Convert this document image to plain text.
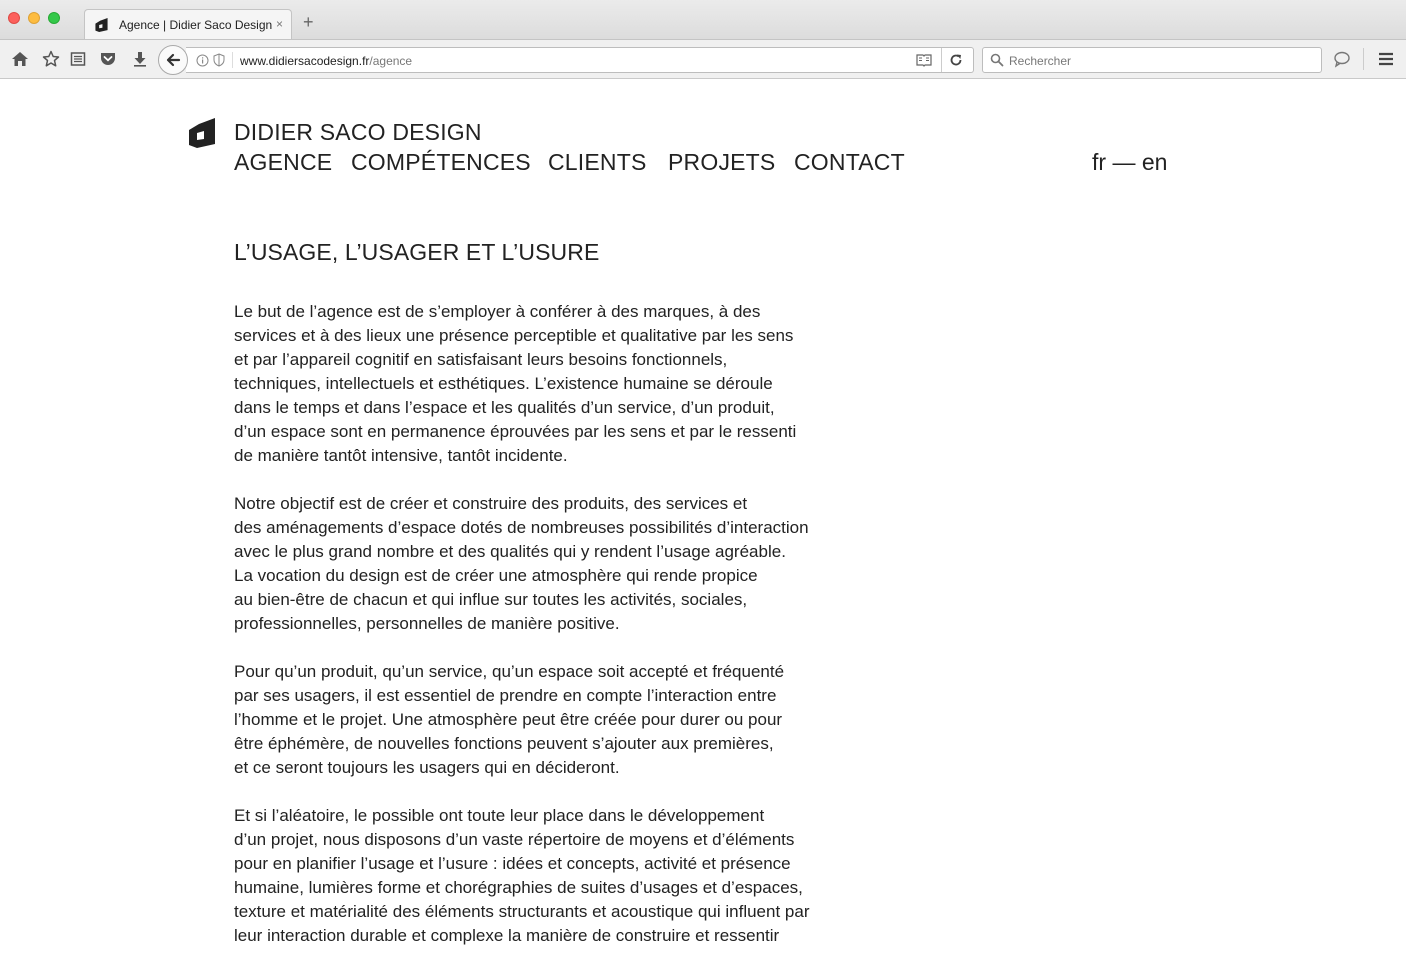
Agence | Didier Saco Design × +
www.didiersacodesign.fr/agence	Rechercher
DIDIER SACO DESIGN
AGENCE COMPÉTENCES CLIENTS PROJETS CONTACT	fr — en
L’USAGE, L’USAGER ET L’USURE

Le but de l’agence est de s’employer à conférer à des marques, à des
services et à des lieux une présence perceptible et qualitative par les sens
et par l’appareil cognitif en satisfaisant leurs besoins fonctionnels,
techniques, intellectuels et esthétiques. L’existence humaine se déroule
dans le temps et dans l’espace et les qualités d’un service, d’un produit,
d’un espace sont en permanence éprouvées par les sens et par le ressenti
de manière tantôt intensive, tantôt incidente.

Notre objectif est de créer et construire des produits, des services et
des aménagements d’espace dotés de nombreuses possibilités d’interaction
avec le plus grand nombre et des qualités qui y rendent l’usage agréable.
La vocation du design est de créer une atmosphère qui rende propice
au bien-être de chacun et qui influe sur toutes les activités, sociales,
professionnelles, personnelles de manière positive.

Pour qu’un produit, qu’un service, qu’un espace soit accepté et fréquenté
par ses usagers, il est essentiel de prendre en compte l’interaction entre
l’homme et le projet. Une atmosphère peut être créée pour durer ou pour
être éphémère, de nouvelles fonctions peuvent s’ajouter aux premières,
et ce seront toujours les usagers qui en décideront.

Et si l’aléatoire, le possible ont toute leur place dans le développement
d’un projet, nous disposons d’un vaste répertoire de moyens et d’éléments
pour en planifier l’usage et l’usure : idées et concepts, activité et présence
humaine, lumières forme et chorégraphies de suites d’usages et d’espaces,
texture et matérialité des éléments structurants et acoustique qui influent par
leur interaction durable et complexe la manière de construire et ressentir
